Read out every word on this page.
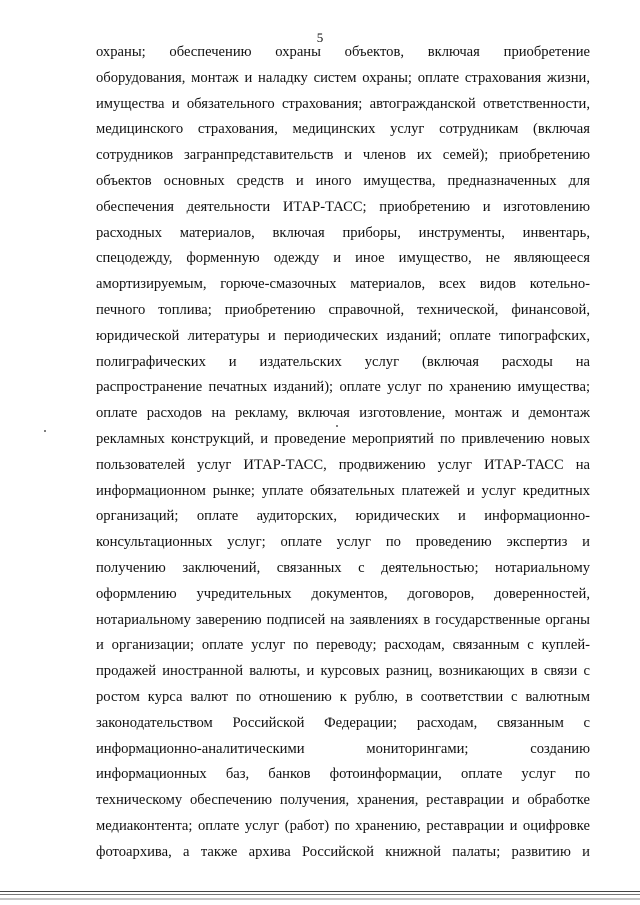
5
охраны; обеспечению охраны объектов, включая приобретение
оборудования, монтаж и наладку систем охраны; оплате страхования жизни,
имущества и обязательного страхования; автогражданской ответственности,
медицинского страхования, медицинских услуг сотрудникам (включая
сотрудников загранпредставительств и членов их семей); приобретению
объектов основных средств и иного имущества, предназначенных для
обеспечения деятельности ИТАР-ТАСС; приобретению и изготовлению
расходных материалов, включая приборы, инструменты, инвентарь,
спецодежду, форменную одежду и иное имущество, не являющееся
амортизируемым, горюче-смазочных материалов, всех видов котельно-
печного топлива; приобретению справочной, технической, финансовой,
юридической литературы и периодических изданий; оплате типографских,
полиграфических и издательских услуг (включая расходы на
распространение печатных изданий); оплате услуг по хранению имущества;
оплате расходов на рекламу, включая изготовление, монтаж и демонтаж
рекламных конструкций, и проведение мероприятий по привлечению новых
пользователей услуг ИТАР-ТАСС, продвижению услуг ИТАР-ТАСС на
информационном рынке; уплате обязательных платежей и услуг кредитных
организаций; оплате аудиторских, юридических и информационно-
консультационных услуг; оплате услуг по проведению экспертиз и
получению заключений, связанных с деятельностью; нотариальному
оформлению учредительных документов, договоров, доверенностей,
нотариальному заверению подписей на заявлениях в государственные органы
и организации; оплате услуг по переводу; расходам, связанным с куплей-
продажей иностранной валюты, и курсовых разниц, возникающих в связи с
ростом курса валют по отношению к рублю, в соответствии с валютным
законодательством Российской Федерации; расходам, связанным с
информационно-аналитическими мониторингами; созданию
информационных баз, банков фотоинформации, оплате услуг по
техническому обеспечению получения, хранения, реставрации и обработке
медиаконтента; оплате услуг (работ) по хранению, реставрации и оцифровке
фотоархива, а также архива Российской книжной палаты; развитию и
